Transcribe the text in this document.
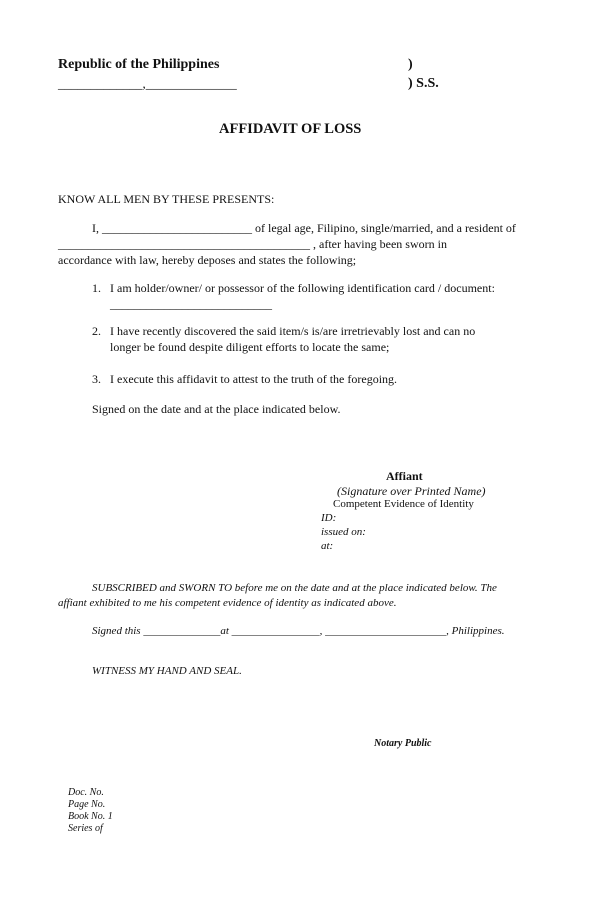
Republic of the Philippines
_____________,______________
)
) S.S.
AFFIDAVIT OF LOSS
KNOW ALL MEN BY THESE PRESENTS:
I, _________________________ of legal age, Filipino, single/married, and a resident of
__________________________________________ , after having been sworn in
accordance with law, hereby deposes and states the following;
1. I am holder/owner/ or possessor of the following identification card / document:
___________________________
2. I have recently discovered the said item/s is/are irretrievably lost and can no
longer be found despite diligent efforts to locate the same;
3. I execute this affidavit to attest to the truth of the foregoing.
Signed on the date and at the place indicated below.
Affiant
(Signature over Printed Name)
Competent Evidence of Identity
ID:
issued on:
at:
SUBSCRIBED and SWORN TO before me on the date and at the place indicated below. The
affiant exhibited to me his competent evidence of identity as indicated above.
Signed this ______________at ________________, ______________________, Philippines.
WITNESS MY HAND AND SEAL.
Notary Public
Doc. No.
Page No.
Book No. 1
Series of
